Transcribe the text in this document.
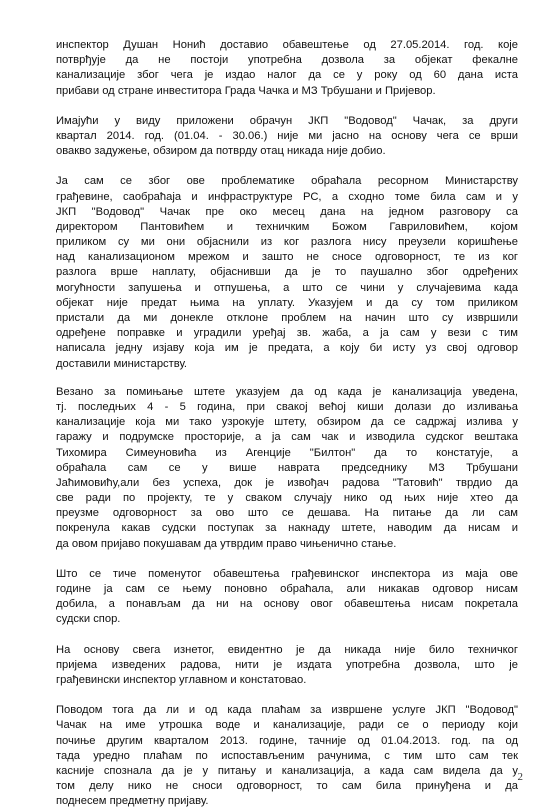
инспектор Душан Нонић доставио обавештење од 27.05.2014. год. које
потврђује да не постоји употребна дозвола за објекат фекалне
канализације због чега је издао налог да се у року од 60 дана иста
прибави од стране инвеститора Града Чачка и МЗ Трбушани и Пријевор.
Имајући у виду приложени обрачун ЈКП "Водовод" Чачак, за други
квартал 2014. год. (01.04. - 30.06.) није ми јасно на основу чега се врши
овакво задужење, обзиром да потврду отац никада није добио.
Ја сам се због ове проблематике обраћала ресорном Министарству
грађевине, саобраћаја и инфраструктуре РС, а сходно томе била сам и у
ЈКП "Водовод" Чачак пре око месец дана на једном разговору са
директором Пантовићем и техничким Божом Гавриловићем, којом
приликом су ми они објаснили из ког разлога нису преузели коришћење
над канализационом мрежом и зашто не сносе одговорност, те из ког
разлога врше наплату, објаснивши да је то паушално због одређених
могућности запушења и отпушења, а што се чини у случајевима када
објекат није предат њима на уплату. Указујем и да су том приликом
пристали да ми донекле отклоне проблем на начин што су извршили
одређене поправке и уградили уређај зв. жаба, а ја сам у вези с тим
написала једну изјаву која им је предата, а коју би исту уз свој одговор
доставили министарству.
Везано за помињање штете указујем да од када је канализација уведена,
тј. последњих 4 - 5 година, при свакој већој киши долази до изливања
канализације која ми тако узрокује штету, обзиром да се садржај излива у
гаражу и подрумске просторије, а ја сам чак и изводила судског вештака
Тихомира Симеуновића из Агенције "Билтон" да то констатује, а
обраћала сам се у више наврата председнику МЗ Трбушани
Јаћимовићу,али без успеха, док је извођач радова "Татовић" тврдио да
све ради по пројекту, те у сваком случају нико од њих није хтео да
преузме одговорност за ово што се дешава. На питање да ли сам
покренула какав судски поступак за накнаду штете, наводим да нисам и
да овом пријаво покушавам да утврдим право чињенично стање.
Што се тиче поменутог обавештења грађевинског инспектора из маја ове
године ја сам се њему поновно обраћала, али никакав одговор нисам
добила, а понављам да ни на основу овог обавештења нисам покретала
судски спор.
На основу свега изнетог, евидентно је да никада није било техничког
пријема изведених радова, нити је издата употребна дозвола, што је
грађевински инспектор углавном и констатовао.
Поводом тога да ли и од када плаћам за извршене услуге ЈКП "Водовод"
Чачак на име утрошка воде и канализације, ради се о периоду који
почиње другим кварталом 2013. године, тачније од 01.04.2013. год. па од
тада уредно плаћам по испостављеним рачунима, с тим што сам тек
касније спознала да је у питању и канализација, а када сам видела да у
том делу нико не сноси одговорност, то сам била принуђена и да
поднесем предметну пријаву.
2
